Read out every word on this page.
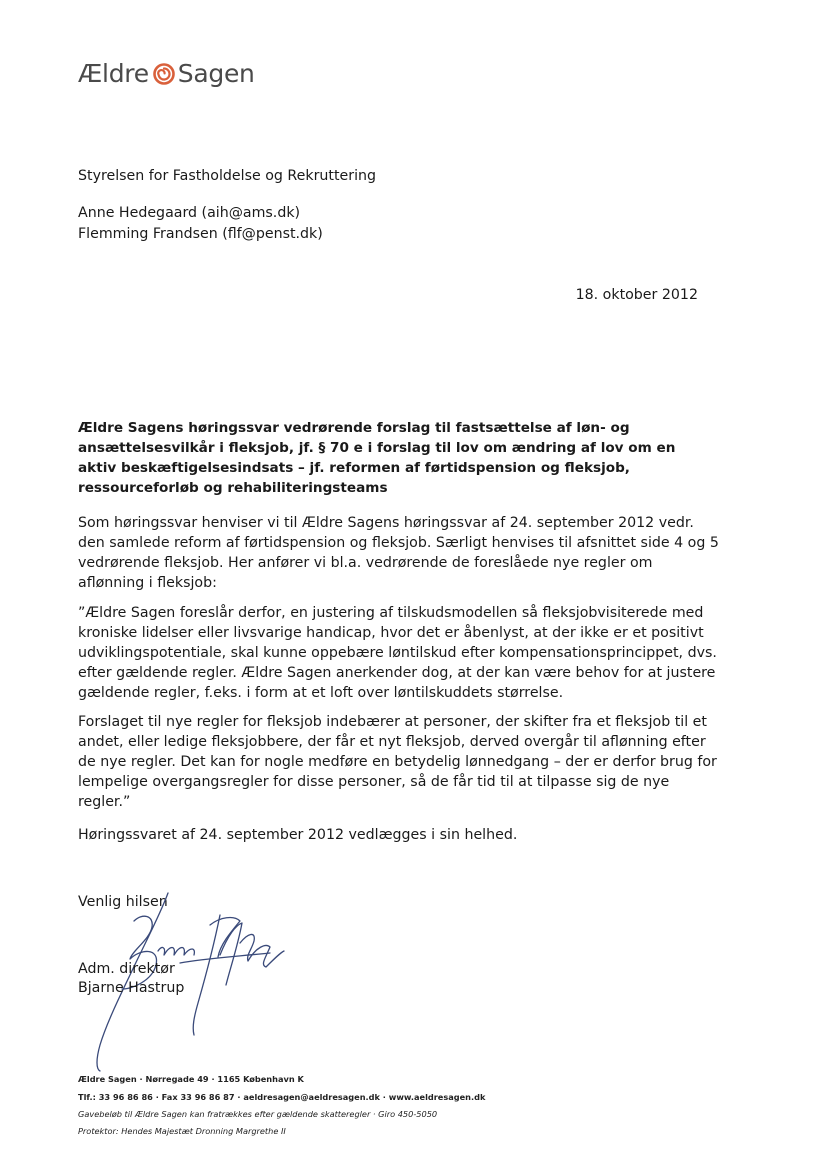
Ældre Sagen
Styrelsen for Fastholdelse og Rekruttering
Anne Hedegaard (aih@ams.dk)
Flemming Frandsen (flf@penst.dk)
18. oktober 2012
Ældre Sagens høringssvar vedrørende forslag til fastsættelse af løn- og ansættelsesvilkår i fleksjob, jf. § 70 e i forslag til lov om ændring af lov om en aktiv beskæftigelsesindsats – jf. reformen af førtidspension og fleksjob, ressourceforløb og rehabiliteringsteams
Som høringssvar henviser vi til Ældre Sagens høringssvar af 24. september 2012 vedr. den samlede reform af førtidspension og fleksjob. Særligt henvises til afsnittet side 4 og 5 vedrørende fleksjob. Her anfører vi bl.a. vedrørende de foreslåede nye regler om aflønning i fleksjob:
”Ældre Sagen foreslår derfor, en justering af tilskudsmodellen så fleksjobvisiterede med kroniske lidelser eller livsvarige handicap, hvor det er åbenlyst, at der ikke er et positivt udviklingspotentiale, skal kunne oppebære løntilskud efter kompensationsprincippet, dvs. efter gældende regler. Ældre Sagen anerkender dog, at der kan være behov for at justere gældende regler, f.eks. i form at et loft over løntilskuddets størrelse.
Forslaget til nye regler for fleksjob indebærer at personer, der skifter fra et fleksjob til et andet, eller ledige fleksjobbere, der får et nyt fleksjob, derved overgår til aflønning efter de nye regler. Det kan for nogle medføre en betydelig lønnedgang – der er derfor brug for lempelige overgangsregler for disse personer, så de får tid til at tilpasse sig de nye regler.”
Høringssvaret af 24. september 2012 vedlægges i sin helhed.
Venlig hilsen
Adm. direktør
Bjarne Hastrup
Ældre Sagen · Nørregade 49 · 1165 København K
Tlf.: 33 96 86 86 · Fax 33 96 86 87 · aeldresagen@aeldresagen.dk · www.aeldresagen.dk
Gavebeløb til Ældre Sagen kan fratrækkes efter gældende skatteregler · Giro 450-5050
Protektor: Hendes Majestæt Dronning Margrethe II
